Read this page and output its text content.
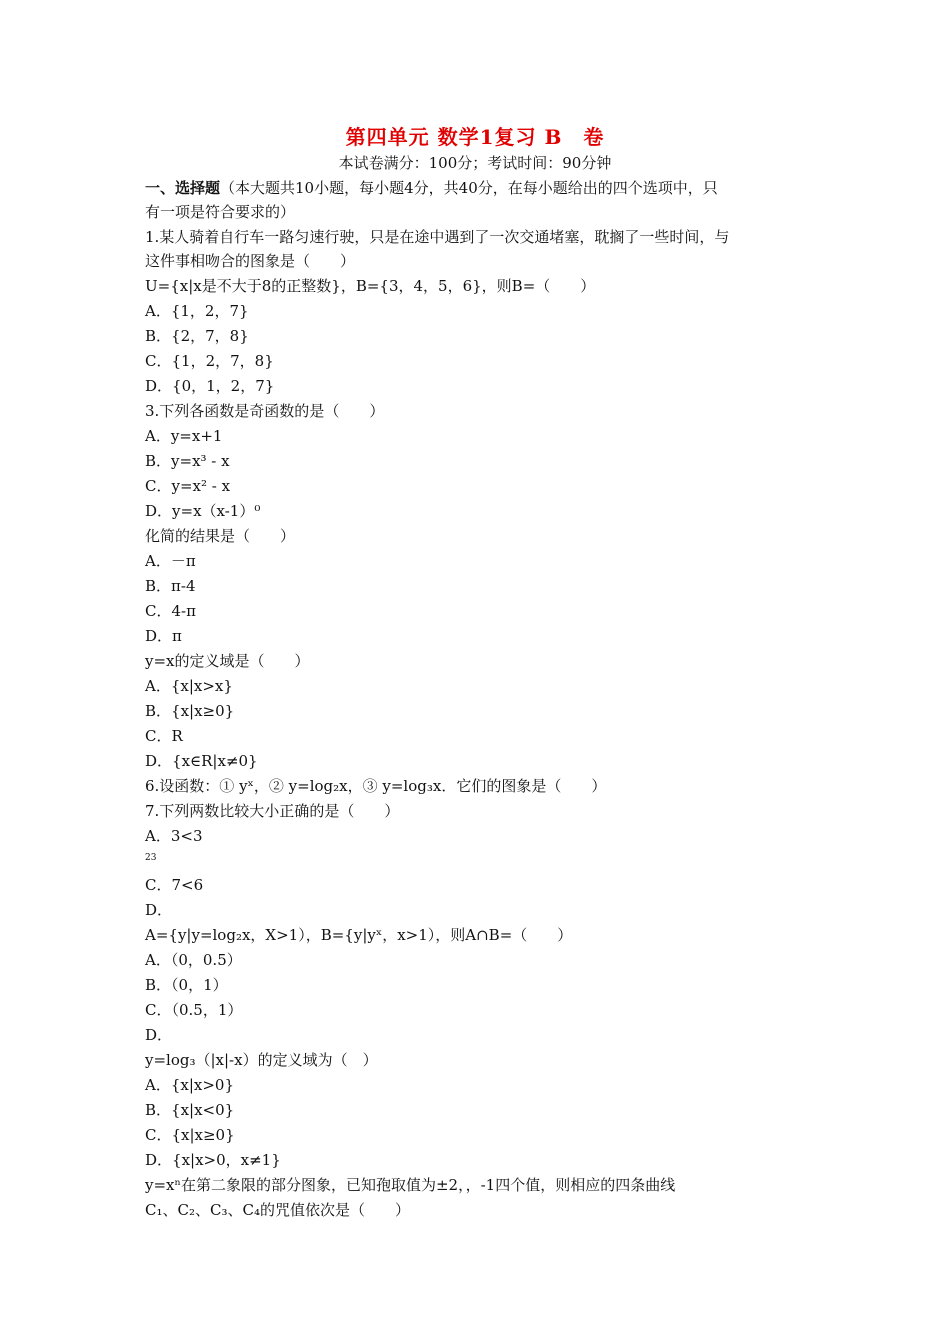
第四单元 数学1复习 B　卷
本试卷满分：100分；考试时间：90分钟
一、选择题（本大题共10小题，每小题4分，共40分，在每小题给出的四个选项中，只
有一项是符合要求的）
1.某人骑着自行车一路匀速行驶，只是在途中遇到了一次交通堵塞，耽搁了一些时间，与
这件事相吻合的图象是（　　）
U={x|x是不大于8的正整数}，B={3，4，5，6}，则B=（　　）
A．{1，2，7}
B．{2，7，8}
C．{1，2，7，8}
D．{0，1，2，7}
3.下列各函数是奇函数的是（　　）
A．y=x+1
B．y=x³ - x
C．y=x² - x
D．y=x（x-1）⁰
化简的结果是（　　）
A．－π
B．π-4
C．4-π
D．π
y=x的定义域是（　　）
A．{x|x>x}
B．{x|x≥0}
C．R
D．{x∈R|x≠0}
6.设函数：① yˣ，② y=log₂x，③ y=log₃x．它们的图象是（　　）
7.下列两数比较大小正确的是（　　）
A．3<3
23
C．7<6
D．
A={y|y=log₂x，X>1），B={y|yˣ，x>1），则A∩B=（　　）
A．（0，0.5）
B．（0，1）
C．（0.5，1）
D．
y=log₃（|x|-x）的定义域为（　）
A．{x|x>0}
B．{x|x<0}
C．{x|x≥0}
D．{x|x>0，x≠1}
y=xⁿ在第二象限的部分图象，已知孢取值为±2，，-1四个值，则相应的四条曲线
C₁、C₂、C₃、C₄的咒值依次是（　　）
